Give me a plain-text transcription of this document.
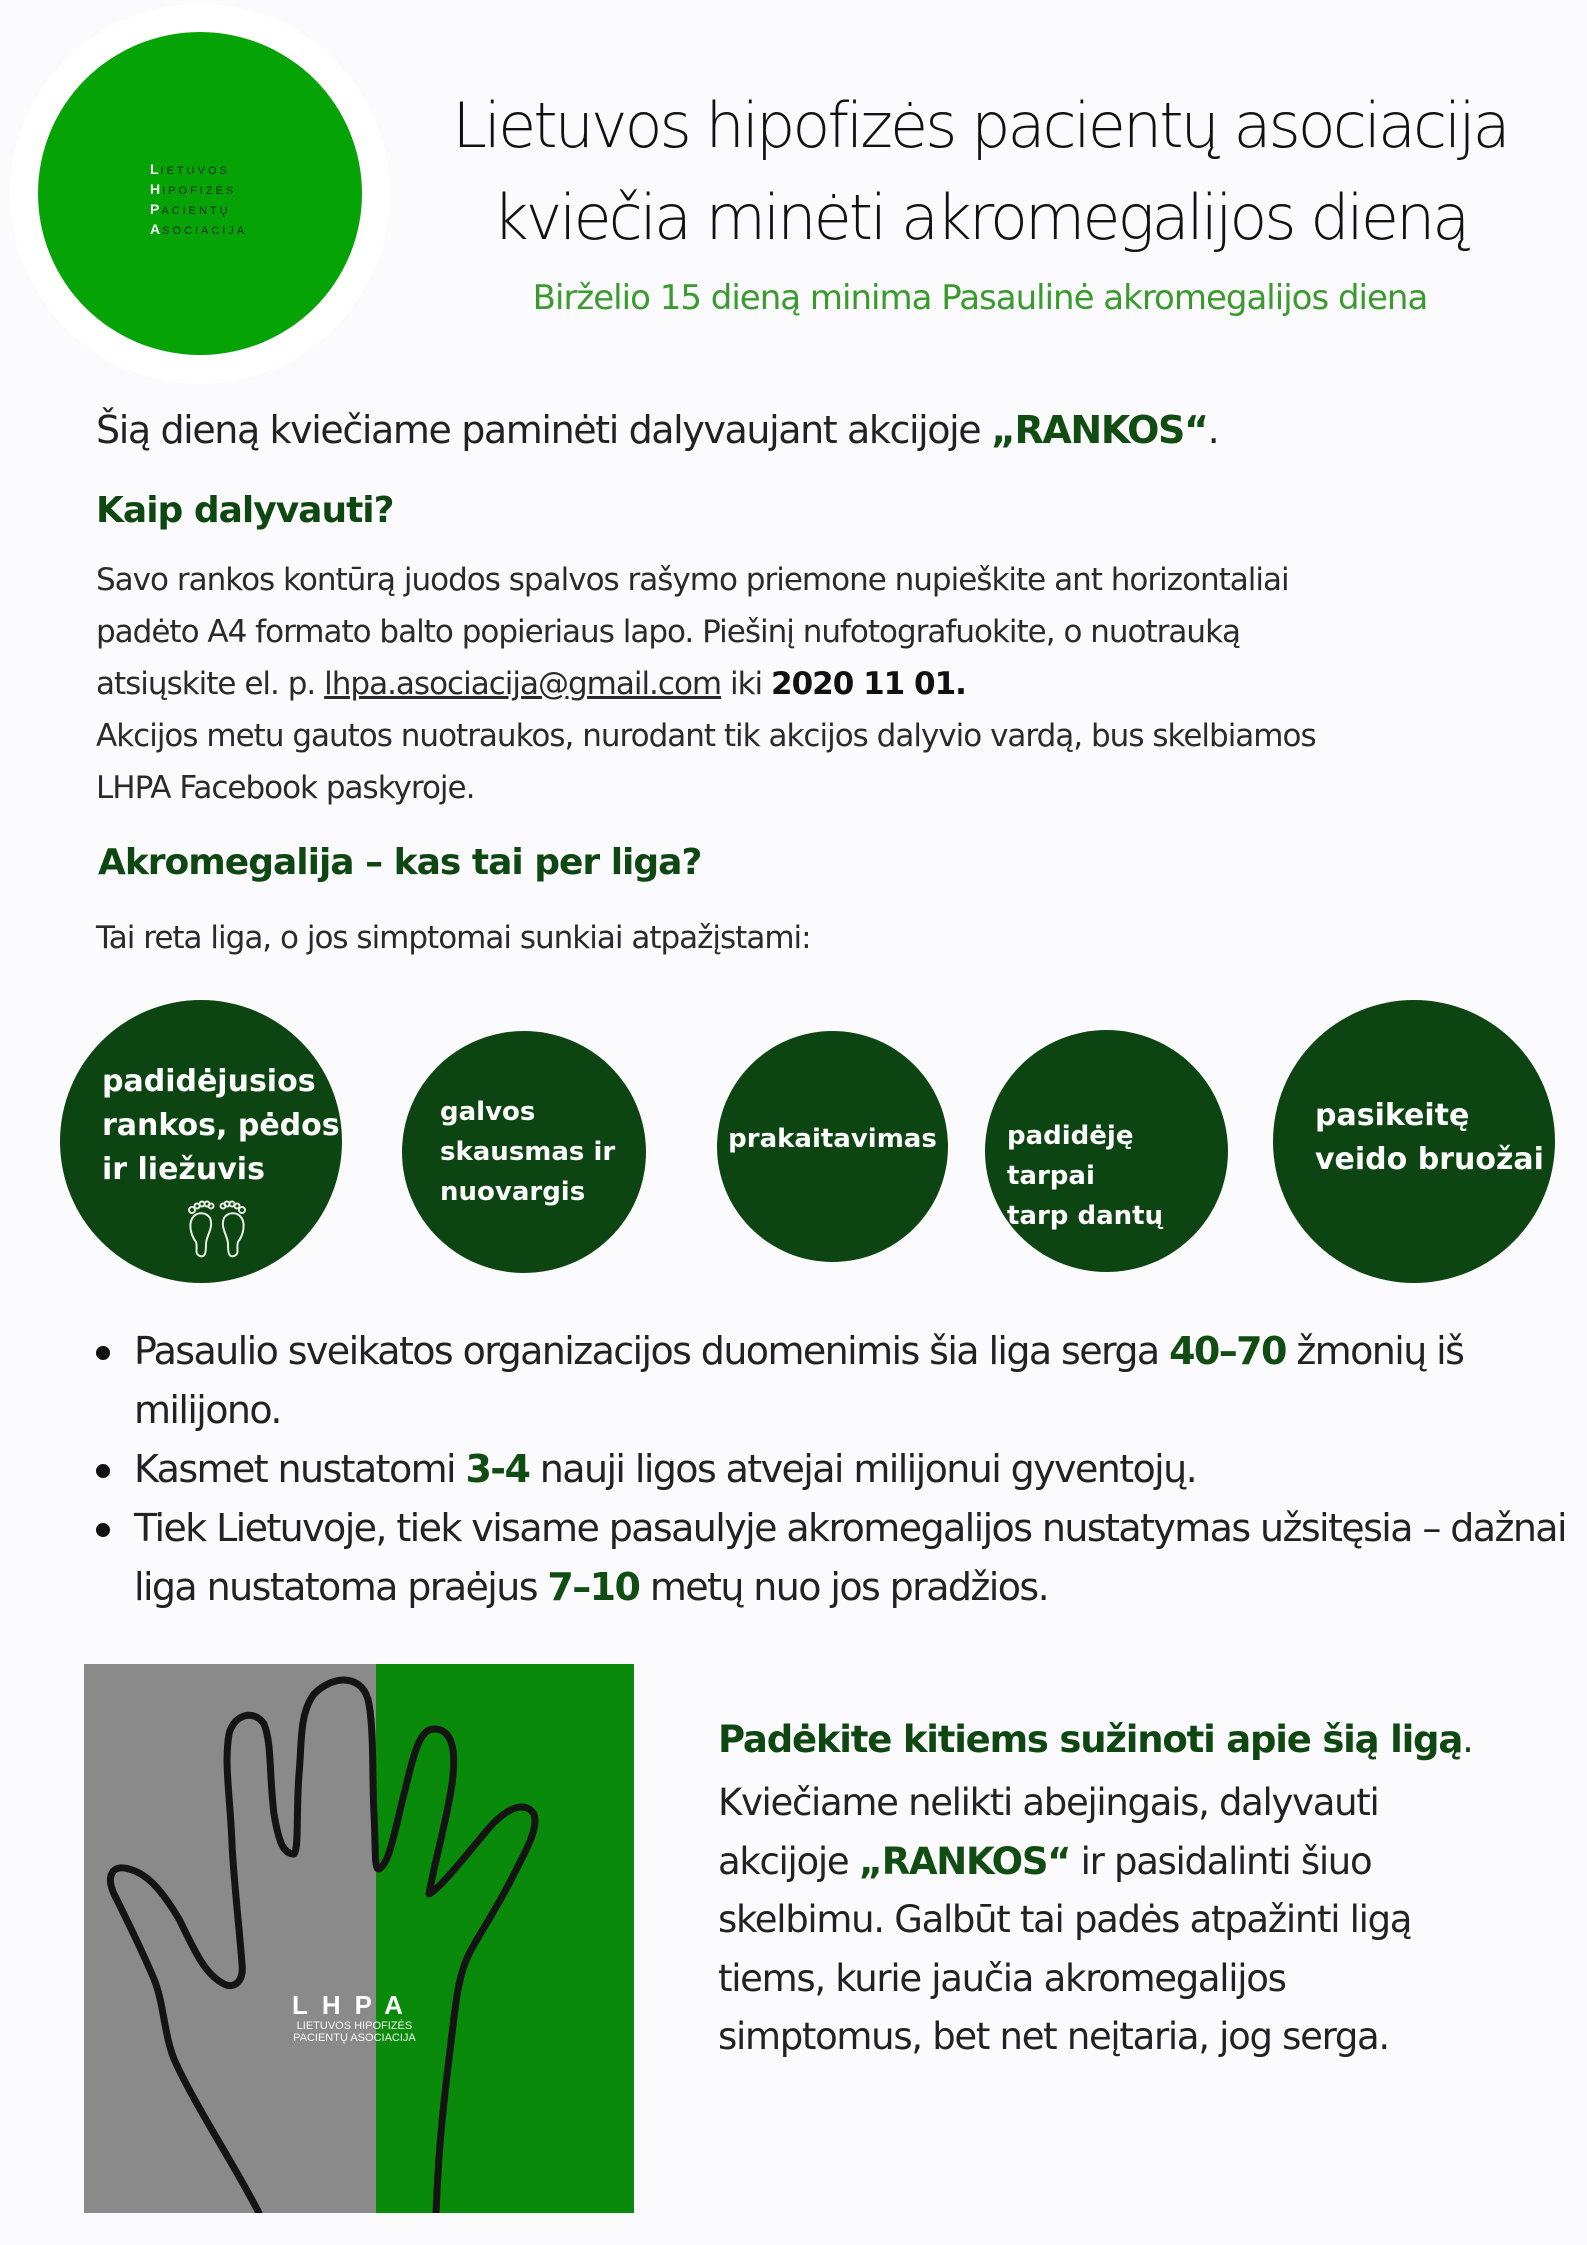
LIETUVOS
HIPOFIZĖS
PACIENTŲ
ASOCIACIJA
Lietuvos hipofizės pacientų asociacija
kviečia minėti akromegalijos dieną
Birželio 15 dieną minima Pasaulinė akromegalijos diena
Šią dieną kviečiame paminėti dalyvaujant akcijoje „RANKOS“.
Kaip dalyvauti?
Savo rankos kontūrą juodos spalvos rašymo priemone nupieškite ant horizontaliai
padėto A4 formato balto popieriaus lapo. Piešinį nufotografuokite, o nuotrauką
atsiųskite el. p. lhpa.asociacija@gmail.com iki 2020 11 01.
Akcijos metu gautos nuotraukos, nurodant tik akcijos dalyvio vardą, bus skelbiamos
LHPA Facebook paskyroje.
Akromegalija – kas tai per liga?
Tai reta liga, o jos simptomai sunkiai atpažįstami:
padidėjusios
rankos, pėdos
ir liežuvis
galvos
skausmas ir
nuovargis
prakaitavimas	padidėję tarpai
tarp dantų
pasikeitę
veido bruožai
Pasaulio sveikatos organizacijos duomenimis šia liga serga 40–70 žmonių iš milijono.
Kasmet nustatomi 3-4 nauji ligos atvejai milijonui gyventojų.
Tiek Lietuvoje, tiek visame pasaulyje akromegalijos nustatymas užsitęsia – dažnai liga nustatoma praėjus 7–10 metų nuo jos pradžios.
LHPA
LIETUVOS HIPOFIZĖS
PACIENTŲ ASOCIACIJA
Padėkite kitiems sužinoti apie šią ligą.
Kviečiame nelikti abejingais, dalyvauti
akcijoje „RANKOS“ ir pasidalinti šiuo
skelbimu. Galbūt tai padės atpažinti ligą
tiems, kurie jaučia akromegalijos
simptomus, bet net neįtaria, jog serga.
